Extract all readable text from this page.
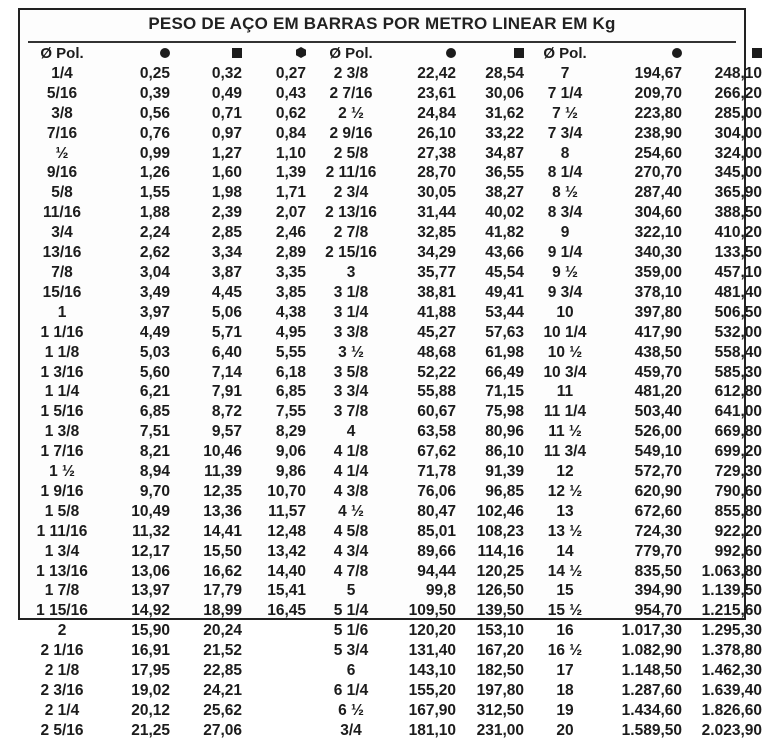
PESO DE AÇO EM BARRAS POR METRO LINEAR EM Kg
Ø Pol.				Ø Pol.			Ø Pol.		
1/4	0,25	0,32	0,27	2 3/8	22,42	28,54	7	194,67	248,10
5/16	0,39	0,49	0,43	2 7/16	23,61	30,06	7 1/4	209,70	266,20
3/8	0,56	0,71	0,62	2 ½	24,84	31,62	7 ½	223,80	285,00
7/16	0,76	0,97	0,84	2 9/16	26,10	33,22	7 3/4	238,90	304,00
½	0,99	1,27	1,10	2 5/8	27,38	34,87	8	254,60	324,00
9/16	1,26	1,60	1,39	2 11/16	28,70	36,55	8 1/4	270,70	345,00
5/8	1,55	1,98	1,71	2 3/4	30,05	38,27	8 ½	287,40	365,90
11/16	1,88	2,39	2,07	2 13/16	31,44	40,02	8 3/4	304,60	388,50
3/4	2,24	2,85	2,46	2 7/8	32,85	41,82	9	322,10	410,20
13/16	2,62	3,34	2,89	2 15/16	34,29	43,66	9 1/4	340,30	133,50
7/8	3,04	3,87	3,35	3	35,77	45,54	9 ½	359,00	457,10
15/16	3,49	4,45	3,85	3 1/8	38,81	49,41	9 3/4	378,10	481,40
1	3,97	5,06	4,38	3 1/4	41,88	53,44	10	397,80	506,50
1 1/16	4,49	5,71	4,95	3 3/8	45,27	57,63	10 1/4	417,90	532,00
1 1/8	5,03	6,40	5,55	3 ½	48,68	61,98	10 ½	438,50	558,40
1 3/16	5,60	7,14	6,18	3 5/8	52,22	66,49	10 3/4	459,70	585,30
1 1/4	6,21	7,91	6,85	3 3/4	55,88	71,15	11	481,20	612,80
1 5/16	6,85	8,72	7,55	3 7/8	60,67	75,98	11 1/4	503,40	641,00
1 3/8	7,51	9,57	8,29	4	63,58	80,96	11 ½	526,00	669,80
1 7/16	8,21	10,46	9,06	4 1/8	67,62	86,10	11 3/4	549,10	699,20
1 ½	8,94	11,39	9,86	4 1/4	71,78	91,39	12	572,70	729,30
1 9/16	9,70	12,35	10,70	4 3/8	76,06	96,85	12 ½	620,90	790,60
1 5/8	10,49	13,36	11,57	4 ½	80,47	102,46	13	672,60	855,80
1 11/16	11,32	14,41	12,48	4 5/8	85,01	108,23	13 ½	724,30	922,20
1 3/4	12,17	15,50	13,42	4 3/4	89,66	114,16	14	779,70	992,60
1 13/16	13,06	16,62	14,40	4 7/8	94,44	120,25	14 ½	835,50	1.063,80
1 7/8	13,97	17,79	15,41	5	99,8	126,50	15	394,90	1.139,50
1 15/16	14,92	18,99	16,45	5 1/4	109,50	139,50	15 ½	954,70	1.215,60
2	15,90	20,24		5 1/6	120,20	153,10	16	1.017,30	1.295,30
2 1/16	16,91	21,52		5 3/4	131,40	167,20	16 ½	1.082,90	1.378,80
2 1/8	17,95	22,85		6	143,10	182,50	17	1.148,50	1.462,30
2 3/16	19,02	24,21		6 1/4	155,20	197,80	18	1.287,60	1.639,40
2 1/4	20,12	25,62		6 ½	167,90	312,50	19	1.434,60	1.826,60
2 5/16	21,25	27,06		3/4	181,10	231,00	20	1.589,50	2.023,90
